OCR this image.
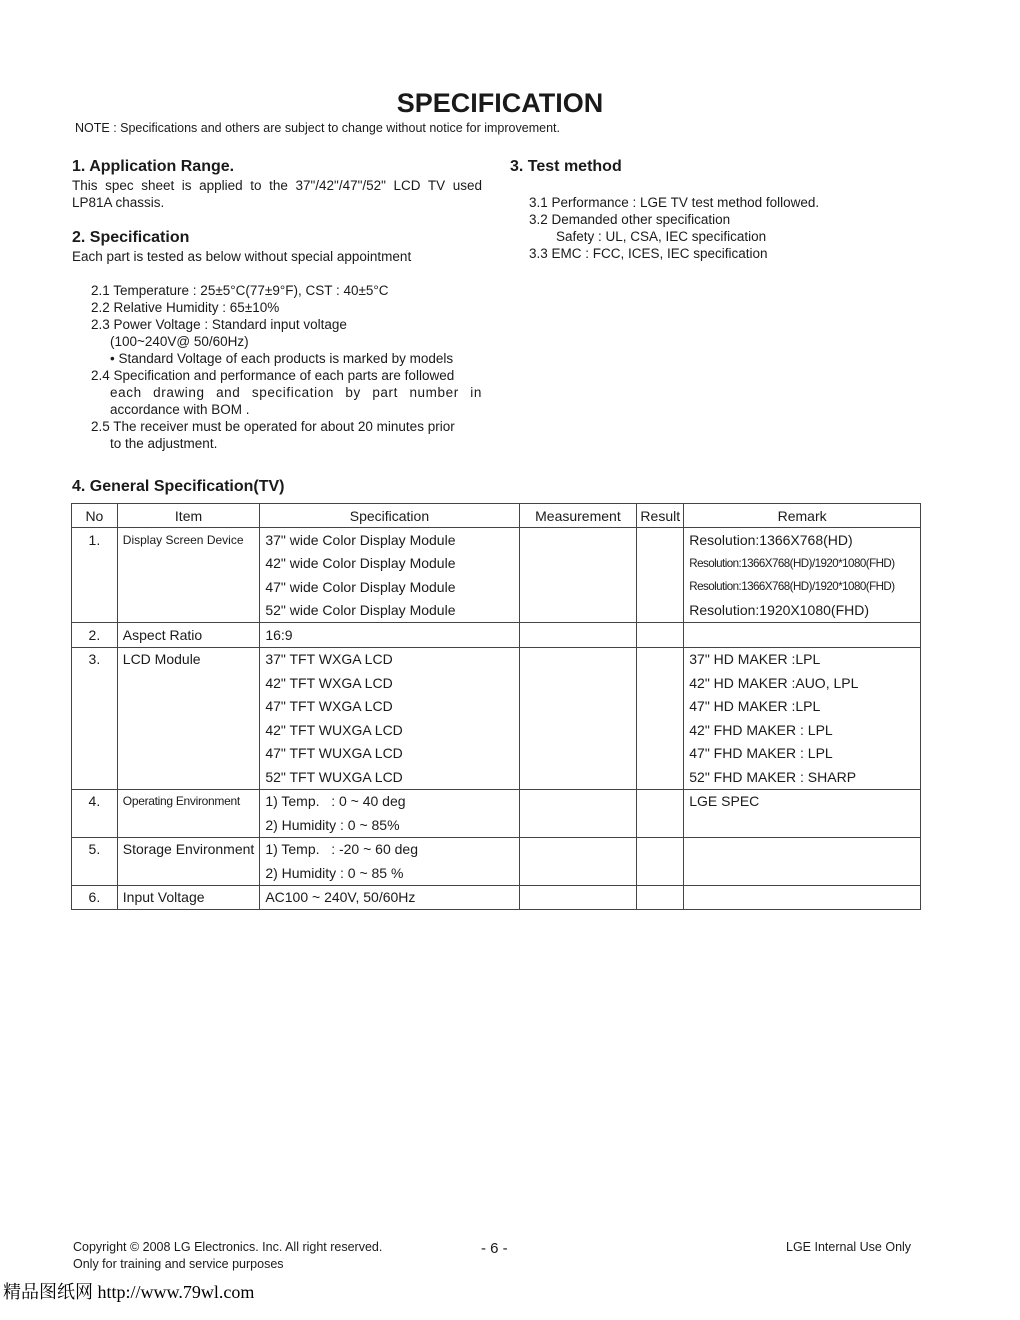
SPECIFICATION
NOTE : Specifications and others are subject to change without notice for improvement.
1. Application Range.
This spec sheet is applied to the 37"/42"/47"/52" LCD TV used
LP81A chassis.
2. Specification
Each part is tested as below without special appointment
2.1 Temperature : 25±5°C(77±9°F), CST : 40±5°C
2.2 Relative Humidity : 65±10%
2.3 Power Voltage : Standard input voltage
(100~240V@ 50/60Hz)
• Standard Voltage of each products is marked by models
2.4 Specification and performance of each parts are followed
each drawing and specification by part number in
accordance with BOM .
2.5 The receiver must be operated for about 20 minutes prior
to the adjustment.
3. Test method
3.1 Performance : LGE TV test method followed.
3.2 Demanded other specification
Safety : UL, CSA, IEC specification
3.3 EMC : FCC, ICES, IEC specification
4. General Specification(TV)
No	Item	Specification	Measurement	Result	Remark
1.	Display Screen Device	37" wide Color Display Module			Resolution:1366X768(HD)
		42" wide Color Display Module			Resolution:1366X768(HD)/1920*1080(FHD)
		47" wide Color Display Module			Resolution:1366X768(HD)/1920*1080(FHD)
		52" wide Color Display Module			Resolution:1920X1080(FHD)
2.	Aspect Ratio	16:9			
3.	LCD Module	37" TFT WXGA LCD			37" HD MAKER :LPL
		42" TFT WXGA LCD			42" HD MAKER :AUO, LPL
		47" TFT WXGA LCD			47" HD MAKER :LPL
		42" TFT WUXGA LCD			42" FHD MAKER : LPL
		47" TFT WUXGA LCD			47" FHD MAKER : LPL
		52" TFT WUXGA LCD			52" FHD MAKER : SHARP
4.	Operating Environment	1) Temp.   : 0 ~ 40 deg			LGE SPEC
		2) Humidity : 0 ~ 85%			
5.	Storage Environment	1) Temp.   : -20 ~ 60 deg			
		2) Humidity : 0 ~ 85 %			
6.	Input Voltage	AC100 ~ 240V, 50/60Hz			
Copyright © 2008 LG Electronics. Inc. All right reserved.
Only for training and service purposes
- 6 -	LGE Internal Use Only
精品图纸网 http://www.79wl.com
